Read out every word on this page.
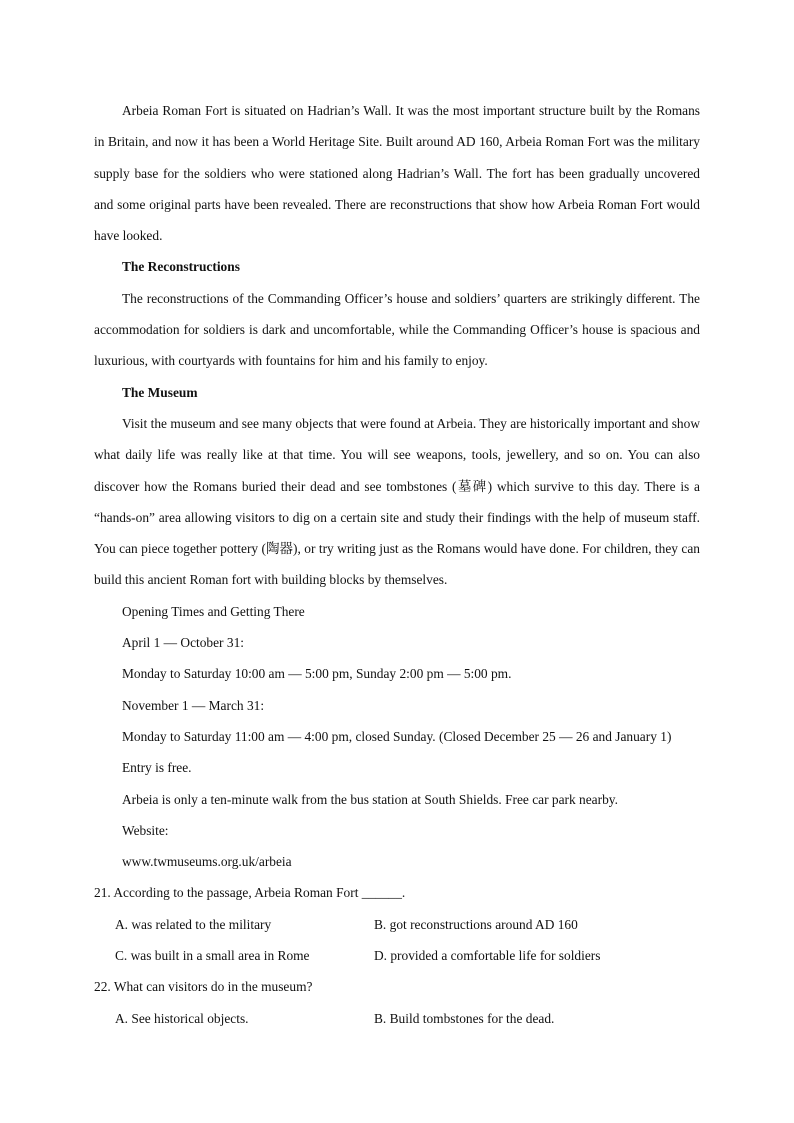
Arbeia Roman Fort is situated on Hadrian’s Wall. It was the most important structure built by the Romans in Britain, and now it has been a World Heritage Site. Built around AD 160, Arbeia Roman Fort was the military supply base for the soldiers who were stationed along Hadrian’s Wall. The fort has been gradually uncovered and some original parts have been revealed. There are reconstructions that show how Arbeia Roman Fort would have looked.

The Reconstructions

The reconstructions of the Commanding Officer’s house and soldiers’ quarters are strikingly different. The accommodation for soldiers is dark and uncomfortable, while the Commanding Officer’s house is spacious and luxurious, with courtyards with fountains for him and his family to enjoy.

The Museum

Visit the museum and see many objects that were found at Arbeia. They are historically important and show what daily life was really like at that time. You will see weapons, tools, jewellery, and so on. You can also discover how the Romans buried their dead and see tombstones (墓碑) which survive to this day. There is a “hands-on” area allowing visitors to dig on a certain site and study their findings with the help of museum staff. You can piece together pottery (陶器), or try writing just as the Romans would have done. For children, they can build this ancient Roman fort with building blocks by themselves.

Opening Times and Getting There
April 1 — October 31:
Monday to Saturday 10:00 am — 5:00 pm, Sunday 2:00 pm — 5:00 pm.
November 1 — March 31:
Monday to Saturday 11:00 am — 4:00 pm, closed Sunday. (Closed December 25 — 26 and January 1)
Entry is free.
Arbeia is only a ten-minute walk from the bus station at South Shields. Free car park nearby.
Website:
www.twmuseums.org.uk/arbeia
21. According to the passage, Arbeia Roman Fort ______.
A. was related to the military	B. got reconstructions around AD 160
C. was built in a small area in Rome	D. provided a comfortable life for soldiers
22. What can visitors do in the museum?
A. See historical objects.	B. Build tombstones for the dead.
